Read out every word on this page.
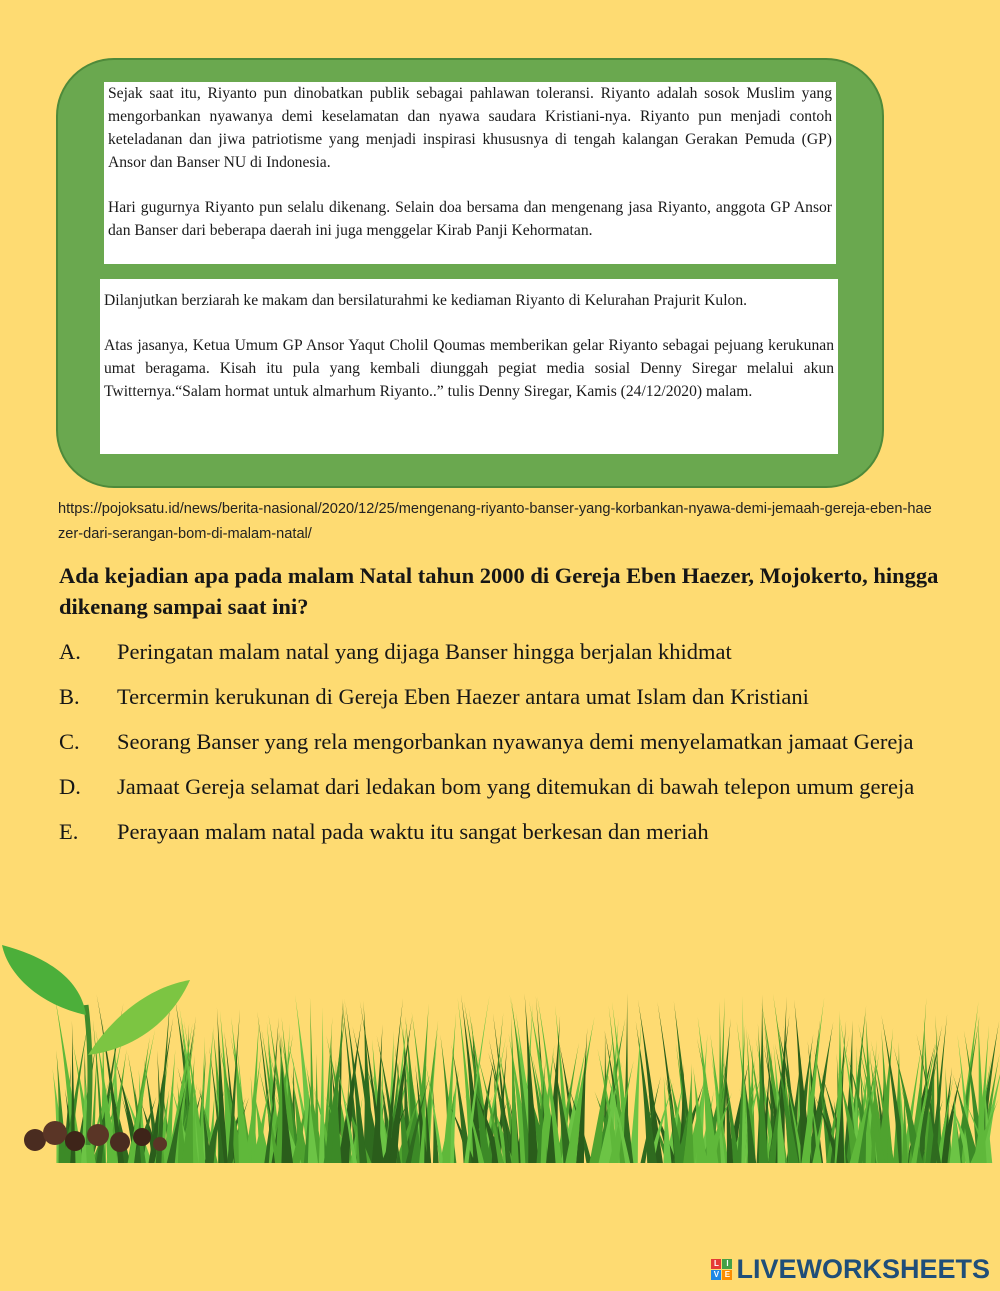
Sejak saat itu, Riyanto pun dinobatkan publik sebagai pahlawan toleransi. Riyanto adalah sosok Muslim yang mengorbankan nyawanya demi keselamatan dan nyawa saudara Kristiani-nya. Riyanto pun menjadi contoh keteladanan dan jiwa patriotisme yang menjadi inspirasi khususnya di tengah kalangan Gerakan Pemuda (GP) Ansor dan Banser NU di Indonesia.

Hari gugurnya Riyanto pun selalu dikenang. Selain doa bersama dan mengenang jasa Riyanto, anggota GP Ansor dan Banser dari beberapa daerah ini juga menggelar Kirab Panji Kehormatan.

Dilanjutkan berziarah ke makam dan bersilaturahmi ke kediaman Riyanto di Kelurahan Prajurit Kulon.

Atas jasanya, Ketua Umum GP Ansor Yaqut Cholil Qoumas memberikan gelar Riyanto sebagai pejuang kerukunan umat beragama. Kisah itu pula yang kembali diunggah pegiat media sosial Denny Siregar melalui akun Twitternya.“Salam hormat untuk almarhum Riyanto..” tulis Denny Siregar, Kamis (24/12/2020) malam.

https://pojoksatu.id/news/berita-nasional/2020/12/25/mengenang-riyanto-banser-yang-korbankan-nyawa-demi-jemaah-gereja-eben-haezer-dari-serangan-bom-di-malam-natal/
Ada kejadian apa pada malam Natal tahun 2000 di Gereja Eben Haezer, Mojokerto, hingga dikenang sampai saat ini?
A.	Peringatan malam natal yang dijaga Banser hingga berjalan khidmat
B.	Tercermin kerukunan di Gereja Eben Haezer antara umat Islam dan Kristiani
C.	Seorang Banser yang rela mengorbankan nyawanya demi menyelamatkan jamaat Gereja
D.	Jamaat Gereja selamat dari ledakan bom yang ditemukan di bawah telepon umum gereja
E.	Perayaan malam natal pada waktu itu sangat berkesan dan meriah
L I
V E LIVEWORKSHEETS
